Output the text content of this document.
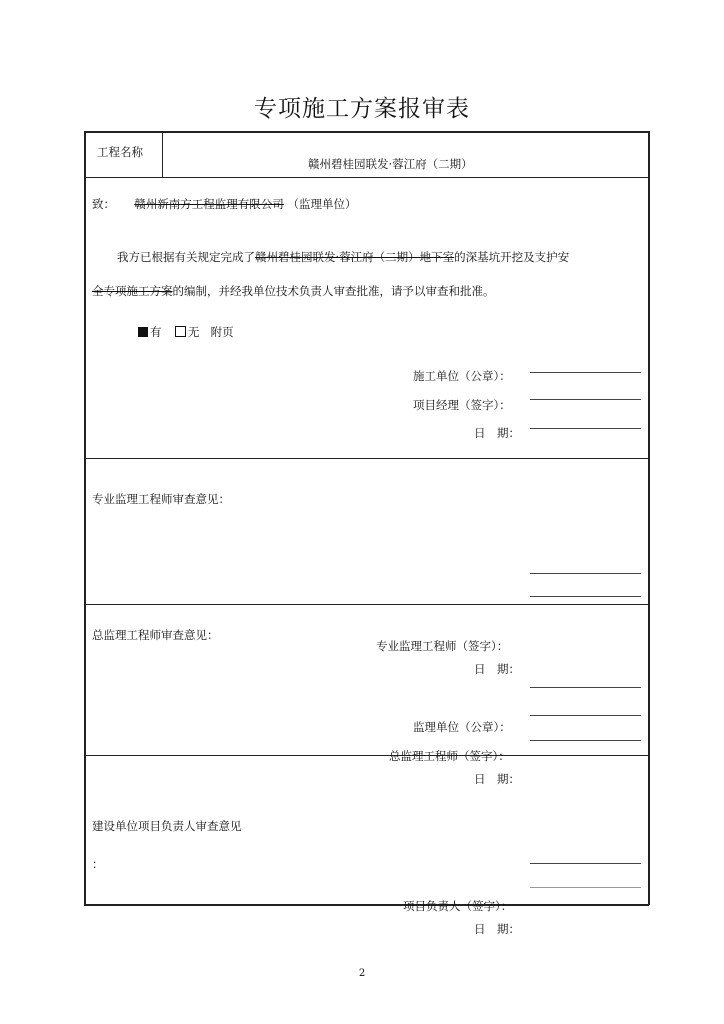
专项施工方案报审表
工程名称
赣州碧桂园联发·蓉江府（二期）
致： 赣州新南方工程监理有限公司 （监理单位）
我方已根据有关规定完成了赣州碧桂园联发·蓉江府（二期）地下室的深基坑开挖及支护安
全专项施工方案的编制，并经我单位技术负责人审查批准，请予以审查和批准。
有 无 附页
施工单位（公章）：
项目经理（签字）：
日　期：
专业监理工程师审查意见：
专业监理工程师（签字）：
日　期：
总监理工程师审查意见：
监理单位（公章）：
总监理工程师（签字）：
日　期：
建设单位项目负责人审查意见
：
项目负责人（签字）：
日　期：
2
